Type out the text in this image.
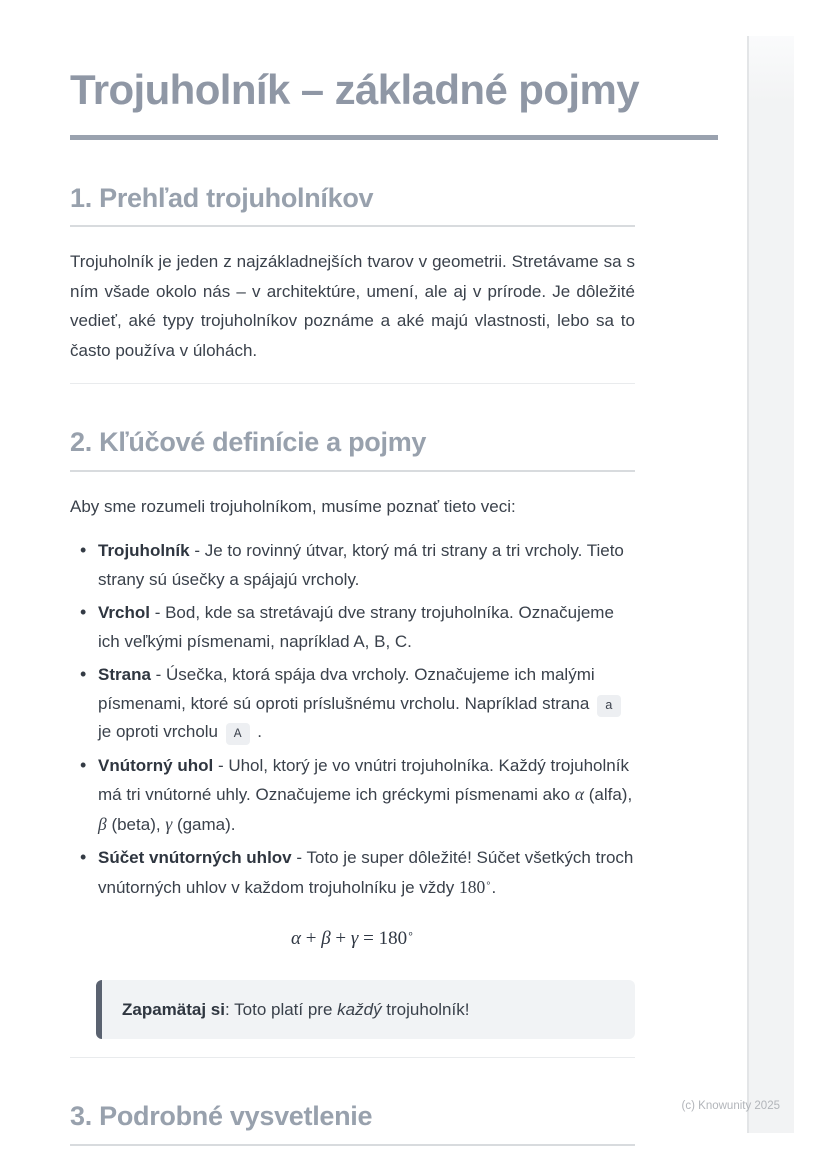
Trojuholník – základné pojmy
1. Prehľad trojuholníkov

Trojuholník je jeden z najzákladnejších tvarov v geometrii. Stretávame sa s ním všade okolo nás – v architektúre, umení, ale aj v prírode. Je dôležité vedieť, aké typy trojuholníkov poznáme a aké majú vlastnosti, lebo sa to často používa v úlohách.

2. Kľúčové definície a pojmy

Aby sme rozumeli trojuholníkom, musíme poznať tieto veci:

• Trojuholník - Je to rovinný útvar, ktorý má tri strany a tri vrcholy. Tieto strany sú úsečky a spájajú vrcholy.
• Vrchol - Bod, kde sa stretávajú dve strany trojuholníka. Označujeme ich veľkými písmenami, napríklad A, B, C.
• Strana - Úsečka, ktorá spája dva vrcholy. Označujeme ich malými písmenami, ktoré sú oproti príslušnému vrcholu. Napríklad strana a je oproti vrcholu A .
• Vnútorný uhol - Uhol, ktorý je vo vnútri trojuholníka. Každý trojuholník má tri vnútorné uhly. Označujeme ich gréckymi písmenami ako α (alfa), β (beta), γ (gama).
• Súčet vnútorných uhlov - Toto je super dôležité! Súčet všetkých troch vnútorných uhlov v každom trojuholníku je vždy 180∘.
α + β + γ = 180∘
Zapamätaj si: Toto platí pre každý trojuholník!
3. Podrobné vysvetlenie	(c) Knowunity 2025
